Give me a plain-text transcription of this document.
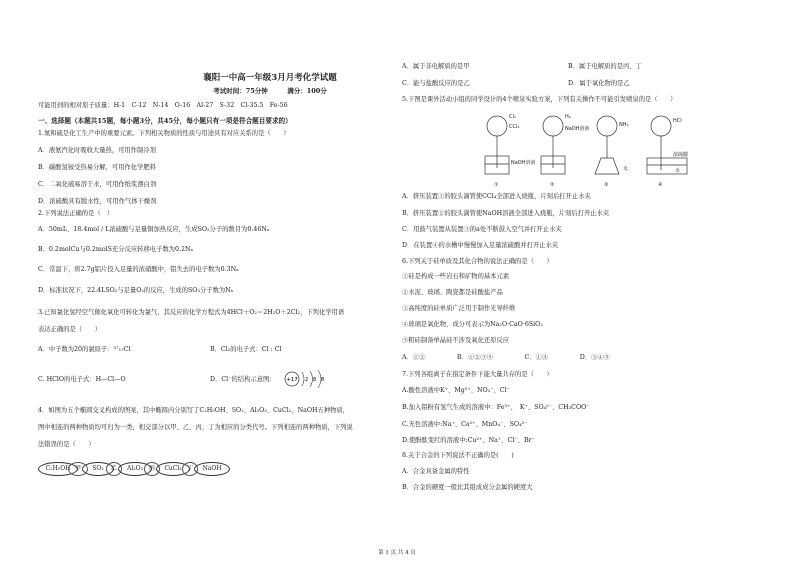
襄阳一中高一年级3月月考化学试题
考试时间：75分钟　　　满分：100分
可能用到的相对原子质量：H-1　C-12　N-14　O-16　Al-27　S-32　Cl-35.5　Fe-56
一、选择题（本题共15题，每小题3分，共45分，每小题只有一项是符合题目要求的）
1.氮和硫是化工生产中的重要元素。下列相关物质的性质与用途具有对应关系的是（　　）
A．液氨汽化时吸收大量热，可用作制冷剂
B．碳酸氢铵受热易分解，可用作化学肥料
C．二氧化硫易溶于水，可用作纸浆漂白剂
D．浓硫酸具有脱水性，可用作气体干燥剂
2.下列说法正确的是（　）
A．50mL、18.4mol / L浓硫酸与足量铜加热反应，生成SO₂分子的数目为0.46Nₐ
B．0.2molCu与0.2molS充分反应转移电子数为0.2Nₐ
C．常温下，将2.7g铝片投入足量的浓硝酸中，铝失去的电子数为0.3Nₐ
D．标准状况下，22.4LSO₂与足量O₂的反应，生成的SO₃分子数为Nₐ
3.已知氯化氢经空气催化氧化可转化为氯气，其反应的化学方程式为4HCl＋O₂＝2H₂O＋2Cl₂，下列化学用语
表达正确的是（　　）
A．中子数为20的氯原子：³⁷₁₇Cl	B．Cl₂的电子式：Cl : Cl
C. HClO的电子式：H—Cl—O	D．Cl⁻的结构示意图：
4．如图为五个椭圆交叉构成的图案，其中椭圆内分别写了C₂H₅OH、SO₂、Al₂O₃、CuCl₂、NaOH五种物质，
图中相连的两种物质均可归为一类，相交部分以甲、乙、丙、丁为相应的分类代号。下列相连的两种物质，下列说
法错误的是（　　）
+17 2 8 8
C₂H₅OH 甲	SO₂	乙	Al₂O₃	丙	CuCl₂ 丁	NaOH
A．属于非电解质的是甲	B．属于电解质的是丙、丁
C．能与盐酸反应的是乙	D．属于氧化物的是乙
5.下图是课外活动小组的同学设计的4个喷泉实验方案，下列有关操作不可能引发喷泉的是（　　）
A．挤压装置①的胶头滴管使CCl₄全部进入烧瓶，片刻后打开止水夹
B．挤压装置②的胶头滴管使NaOH溶液全部进入烧瓶，片刻后打开止水夹
C．用鼓气装置从装置③的a处不断鼓入空气并打开止水夹
D．在装置④的水槽中慢慢加入足量浓硫酸并打开止水夹
6.下列关于硅单质及其化合物的说法正确的是（　　）
①硅是构成一些岩石和矿物的基本元素
②水泥、玻璃、陶瓷都是硅酸盐产品
③高纯度的硅单质广泛用于制作光导纤维
④玻璃是氧化物，成分可表示为Na₂O·CaO·6SiO₂
⑤粗硅制备单晶硅不涉及氧化还原反应
A．①②　　　　　B．①②③⑤　　　　　C．①④　　　　　D．③④⑤
7.下列各组离子在指定条件下能大量共存的是（　　）
A.酸性溶液中K⁺、Mg²⁺、NO₃⁻、Cl⁻
B.加入铝粉有氢气生成的溶液中：Fe³⁺、　K⁺、SO₄²⁻、CH₃COO⁻
C.无色溶液中:Na⁺、Ca²⁺、MnO₄⁻、SO₄²⁻
D.使酚酞变红的溶液中:Cu²⁺、Na⁺、Cl⁻、Br⁻
8.关于合金的下列说法不正确的是(　　)
A．合金具备金属的特性
B．合金的硬度一般比其组成成分金属的硬度大
Cl₂
CCl₄
NaOH溶液
H₂
NaOH溶液
NH₃
HCl
水
浓硫酸
水
①	②	③	④
第 1 页 共 4 页
